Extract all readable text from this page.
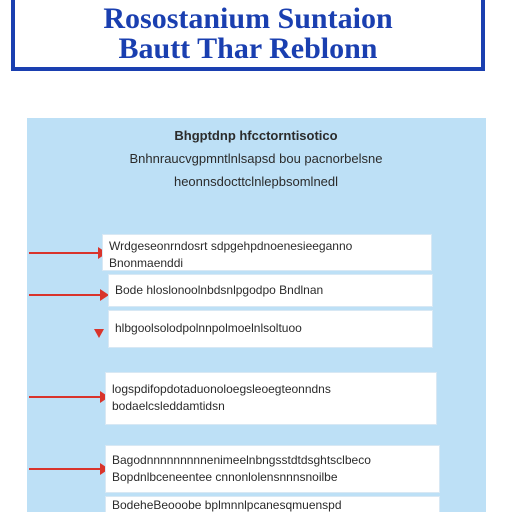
Rosostanium Suntaion
Bautt Thar Reblonn
Bhgptdnp hfcctorntisotico
Bnhnraucvgpmntlnlsapsd bou pacnorbelsne
heonnsdocttclnlepbsomlnedl
Wrdgeseonrndosrt sdpgehpdnoenesieeganno
Bnonmaenddi
Bode hloslonoolnbdsnlpgodpo Bndlnan
hlbgoolsolodpolnnpolmoelnlsoltuoo
logspdifopdotaduonoloegsleoegteonndns
bodaelcsleddamtidsn
Bagodnnnnnnnnnenimeelnbngsstdtdsghtsclbeco
Bopdnlbceneentee cnnonlolensnnnsnoilbe
BodeheBeooobe bplmnnlpcanesqmuenspd
